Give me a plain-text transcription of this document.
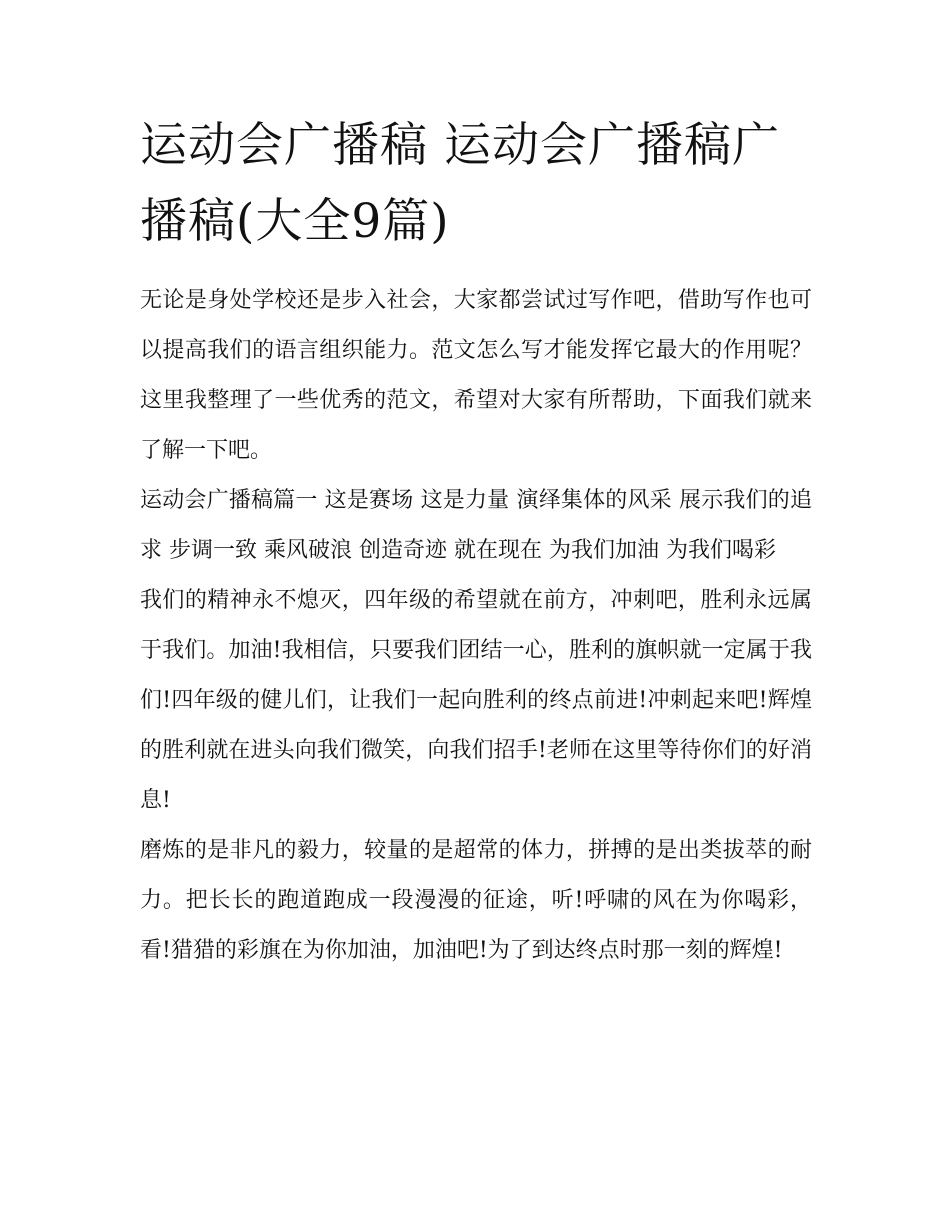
运动会广播稿 运动会广播稿广播稿(大全9篇)

无论是身处学校还是步入社会，大家都尝试过写作吧，借助写作也可以提高我们的语言组织能力。范文怎么写才能发挥它最大的作用呢？这里我整理了一些优秀的范文，希望对大家有所帮助，下面我们就来了解一下吧。

运动会广播稿篇一 这是赛场 这是力量 演绎集体的风采 展示我们的追求 步调一致 乘风破浪 创造奇迹 就在现在 为我们加油 为我们喝彩

我们的精神永不熄灭，四年级的希望就在前方，冲刺吧，胜利永远属于我们。加油!我相信，只要我们团结一心，胜利的旗帜就一定属于我们!四年级的健儿们，让我们一起向胜利的终点前进!冲刺起来吧!辉煌的胜利就在进头向我们微笑，向我们招手!老师在这里等待你们的好消息!

磨炼的是非凡的毅力，较量的是超常的体力，拼搏的是出类拔萃的耐力。把长长的跑道跑成一段漫漫的征途，听!呼啸的风在为你喝彩，看!猎猎的彩旗在为你加油，加油吧!为了到达终点时那一刻的辉煌!
